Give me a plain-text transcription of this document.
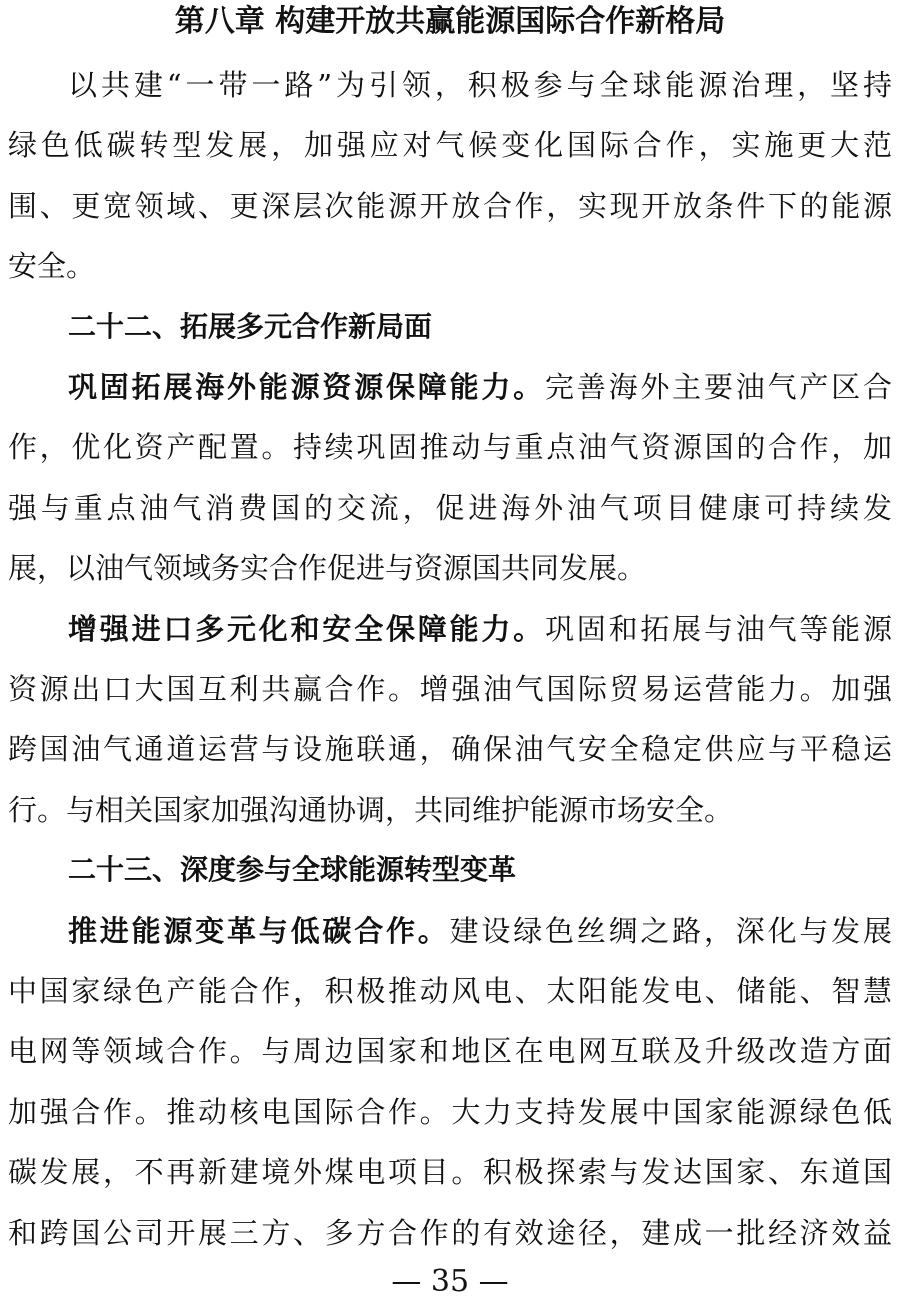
第八章 构建开放共赢能源国际合作新格局
以共建“一带一路”为引领，积极参与全球能源治理，坚持
绿色低碳转型发展，加强应对气候变化国际合作，实施更大范
围、更宽领域、更深层次能源开放合作，实现开放条件下的能源
安全。
二十二、拓展多元合作新局面
巩固拓展海外能源资源保障能力。完善海外主要油气产区合
作，优化资产配置。持续巩固推动与重点油气资源国的合作，加
强与重点油气消费国的交流，促进海外油气项目健康可持续发
展，以油气领域务实合作促进与资源国共同发展。
增强进口多元化和安全保障能力。巩固和拓展与油气等能源
资源出口大国互利共赢合作。增强油气国际贸易运营能力。加强
跨国油气通道运营与设施联通，确保油气安全稳定供应与平稳运
行。与相关国家加强沟通协调，共同维护能源市场安全。
二十三、深度参与全球能源转型变革
推进能源变革与低碳合作。建设绿色丝绸之路，深化与发展
中国家绿色产能合作，积极推动风电、太阳能发电、储能、智慧
电网等领域合作。与周边国家和地区在电网互联及升级改造方面
加强合作。推动核电国际合作。大力支持发展中国家能源绿色低
碳发展，不再新建境外煤电项目。积极探索与发达国家、东道国
和跨国公司开展三方、多方合作的有效途径，建成一批经济效益
— 35 —
